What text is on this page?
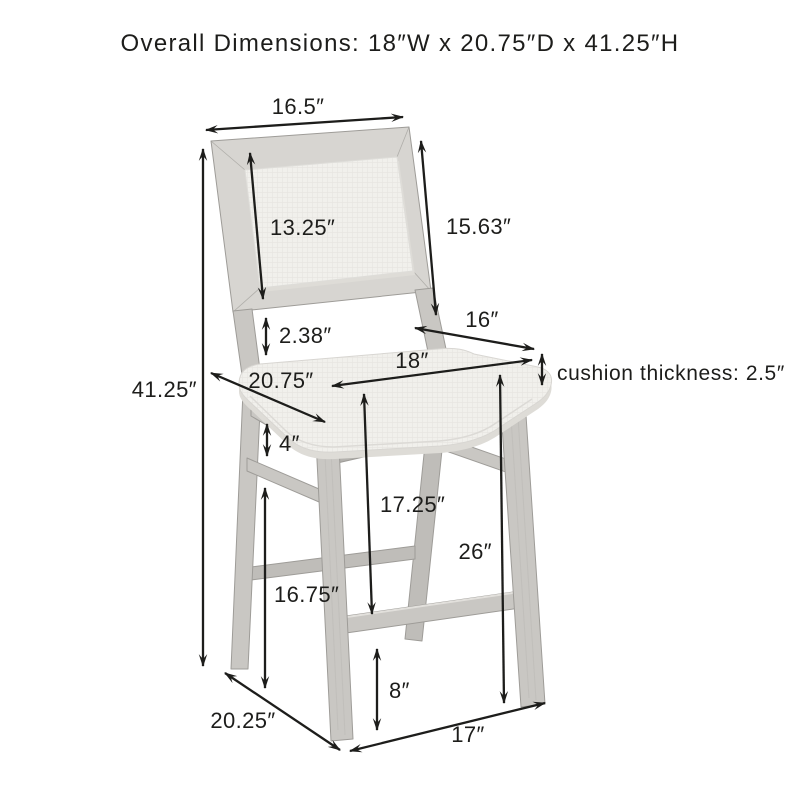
Overall Dimensions: 18″W x 20.75″D x 41.25″H
16.5″
13.25″	15.63″
2.38″
16″
18″
cushion thickness: 2.5″
41.25″ 20.75″
4″
17.25″
26″
16.75″
8″
20.25″
17″
